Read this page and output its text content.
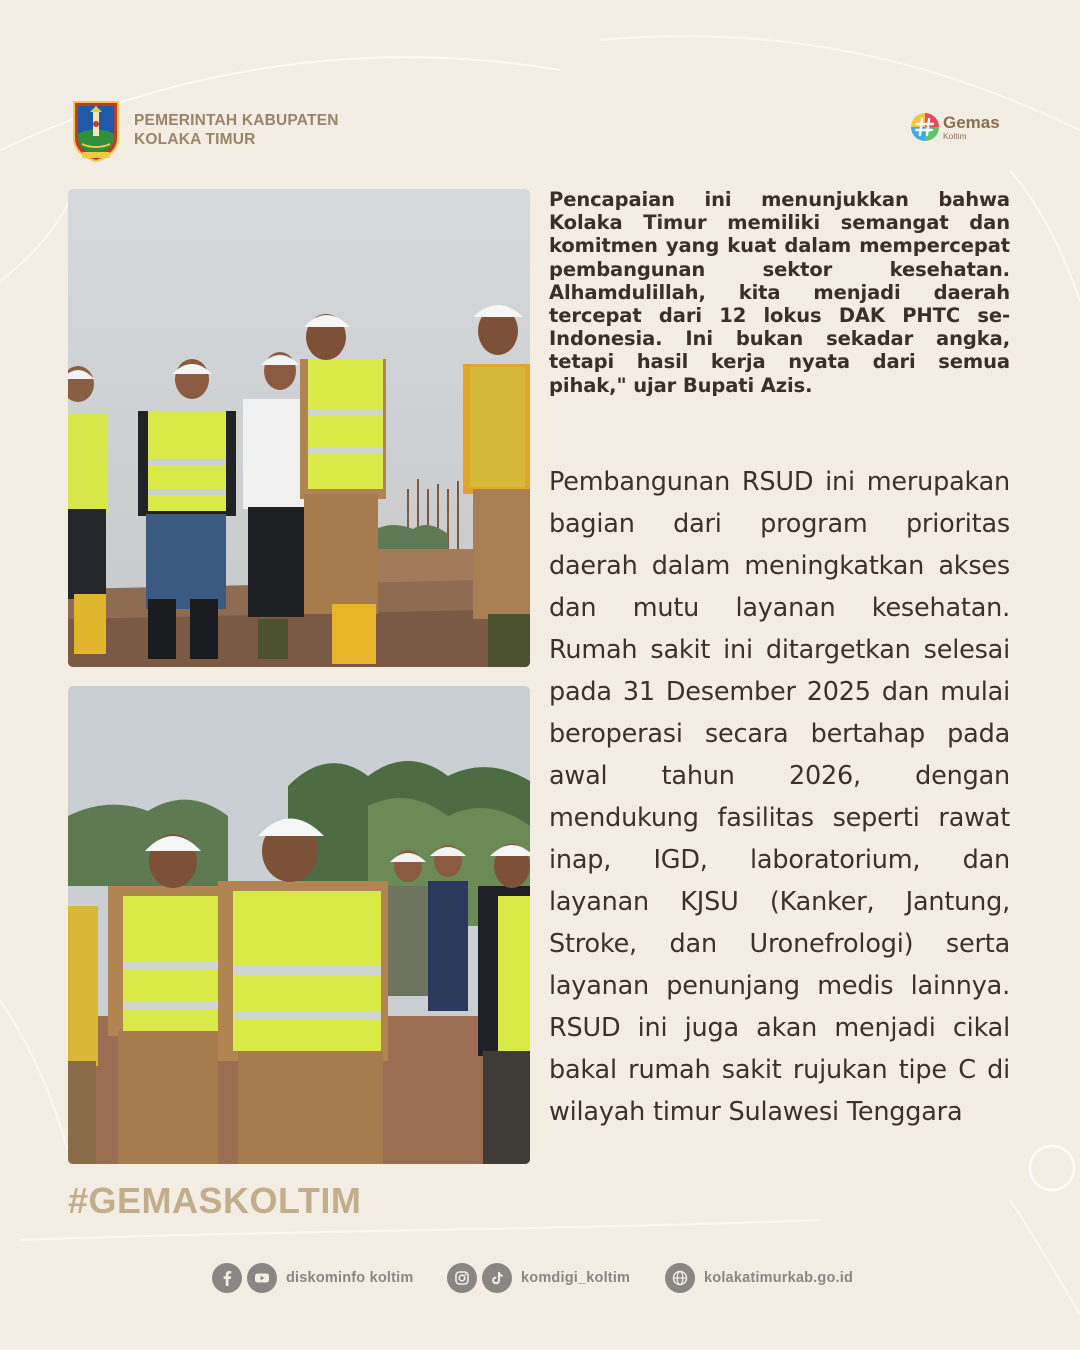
PEMERINTAH KABUPATEN
KOLAKA TIMUR
Gemas
Koltim

Pencapaian ini menunjukkan bahwa Kolaka Timur memiliki semangat dan komitmen yang kuat dalam mempercepat pembangunan sektor kesehatan. Alhamdulillah, kita menjadi daerah tercepat dari 12 lokus DAK PHTC se-Indonesia. Ini bukan sekadar angka, tetapi hasil kerja nyata dari semua pihak," ujar Bupati Azis.

Pembangunan RSUD ini merupakan bagian dari program prioritas daerah dalam meningkatkan akses dan mutu layanan kesehatan. Rumah sakit ini ditargetkan selesai pada 31 Desember 2025 dan mulai beroperasi secara bertahap pada awal tahun 2026, dengan mendukung fasilitas seperti rawat inap, IGD, laboratorium, dan layanan KJSU (Kanker, Jantung, Stroke, dan Uronefrologi) serta layanan penunjang medis lainnya. RSUD ini juga akan menjadi cikal bakal rumah sakit rujukan tipe C di wilayah timur Sulawesi Tenggara

#GEMASKOLTIM
diskominfo koltim	komdigi_koltim	kolakatimurkab.go.id
